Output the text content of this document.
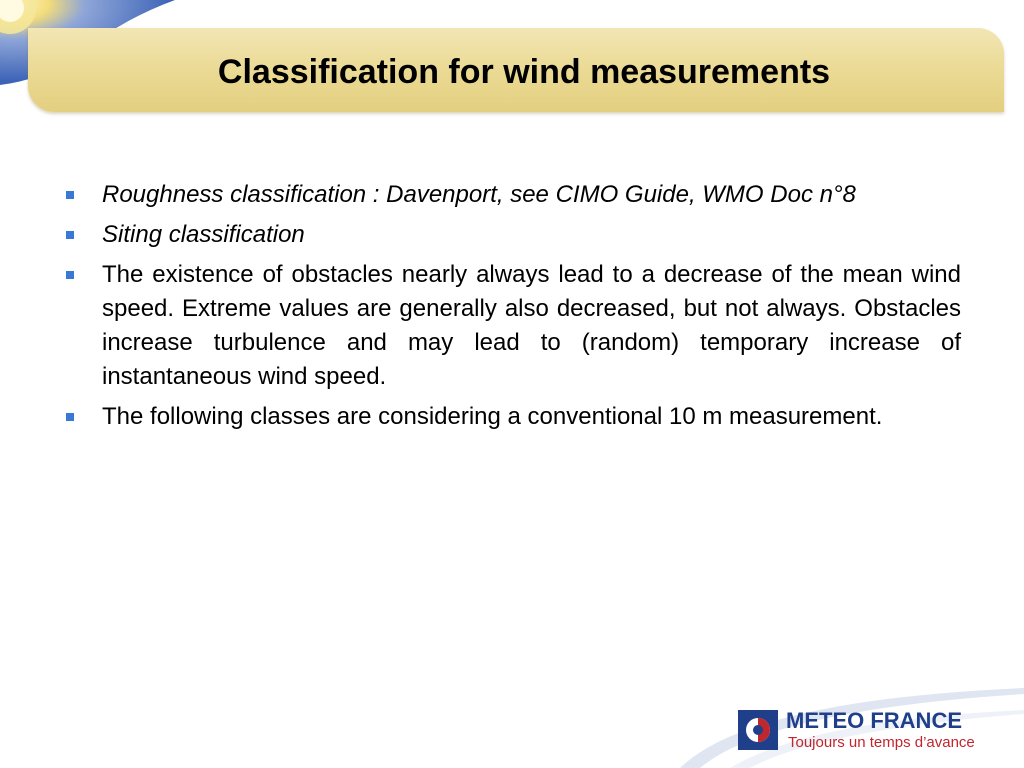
Classification for wind measurements
Roughness classification : Davenport, see CIMO Guide, WMO Doc n°8
Siting classification
The existence of obstacles nearly always lead to a decrease of the mean wind speed. Extreme values are generally also decreased, but not always. Obstacles increase turbulence and may lead to (random) temporary increase of instantaneous wind speed.
The following classes are considering a conventional 10 m measurement.
METEO FRANCE
Toujours un temps d’avance
